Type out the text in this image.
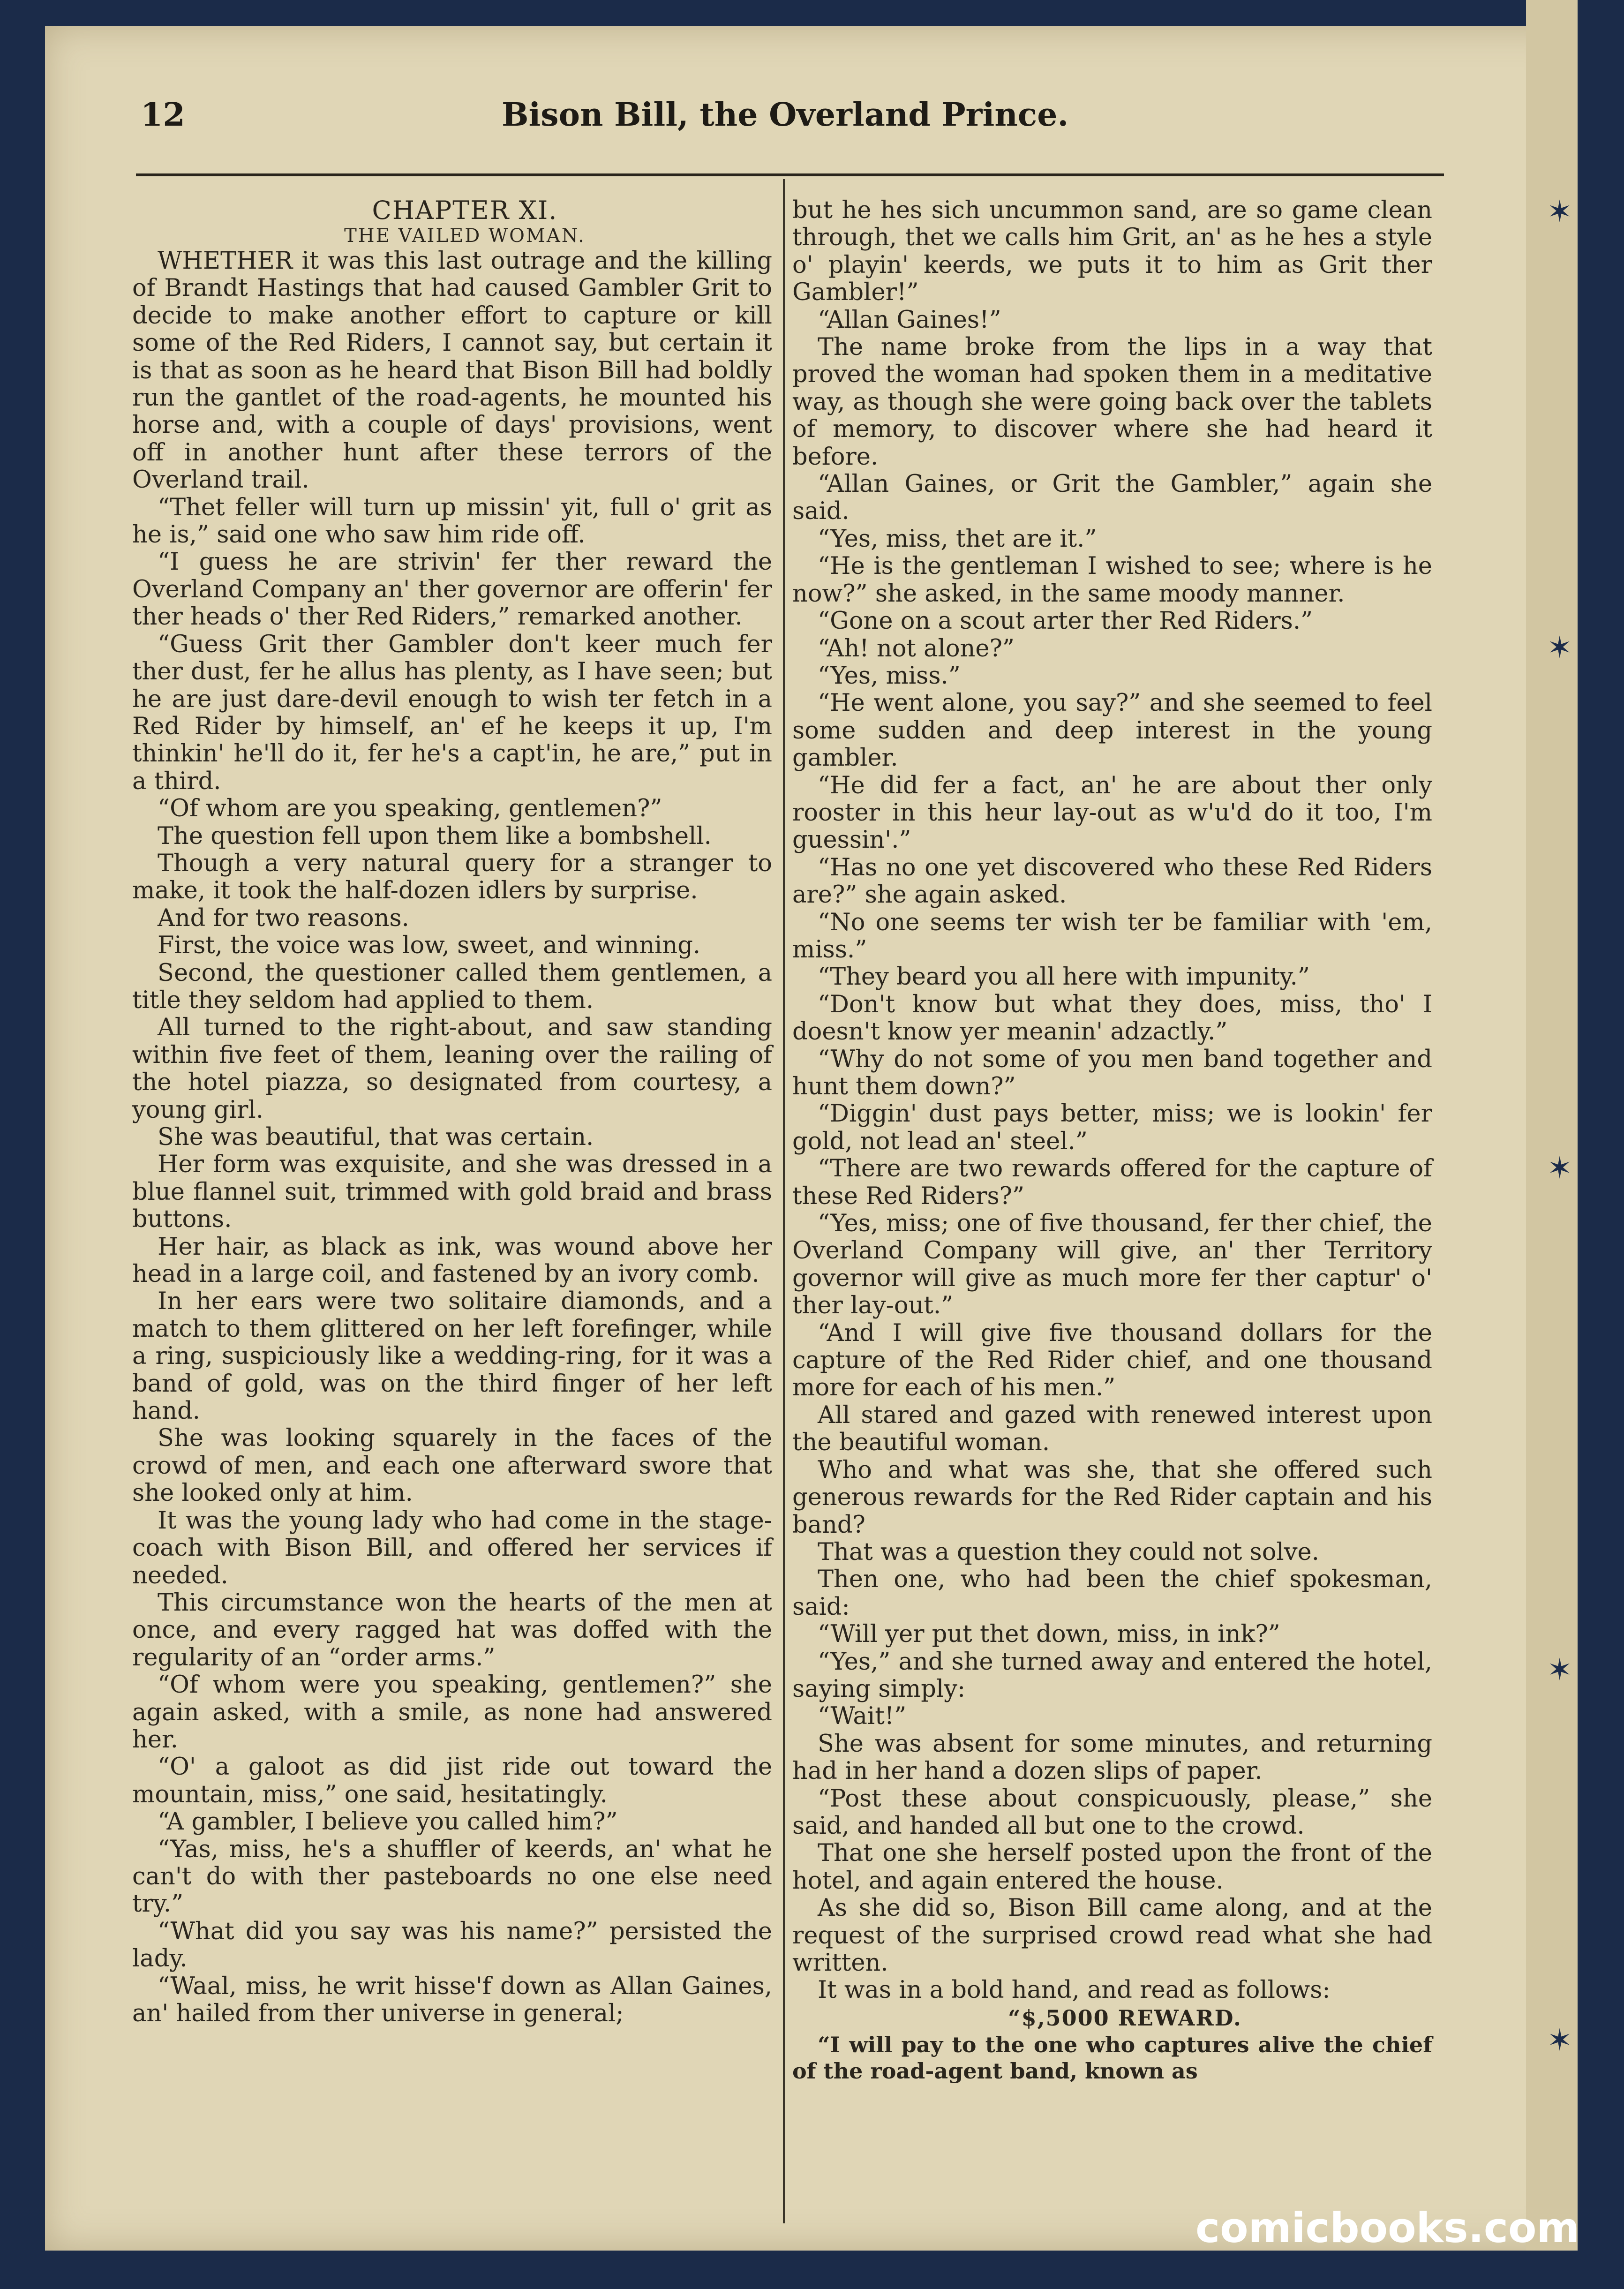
✶
✶
✶
✶
✶
12	Bison Bill, the Overland Prince.

CHAPTER XI.

THE VAILED WOMAN.

WHETHER it was this last outrage and the killing of Brandt Hastings that had caused Gambler Grit to decide to make another effort to capture or kill some of the Red Riders, I cannot say, but certain it is that as soon as he heard that Bison Bill had boldly run the gantlet of the road-agents, he mounted his horse and, with a couple of days' provisions, went off in another hunt after these terrors of the Overland trail.

“Thet feller will turn up missin' yit, full o' grit as he is,” said one who saw him ride off.

“I guess he are strivin' fer ther reward the Overland Company an' ther governor are offerin' fer ther heads o' ther Red Riders,” remarked another.

“Guess Grit ther Gambler don't keer much fer ther dust, fer he allus has plenty, as I have seen; but he are just dare-devil enough to wish ter fetch in a Red Rider by himself, an' ef he keeps it up, I'm thinkin' he'll do it, fer he's a capt'in, he are,” put in a third.

“Of whom are you speaking, gentlemen?”

The question fell upon them like a bombshell.

Though a very natural query for a stranger to make, it took the half-dozen idlers by surprise.

And for two reasons.

First, the voice was low, sweet, and winning.

Second, the questioner called them gentlemen, a title they seldom had applied to them.

All turned to the right-about, and saw standing within five feet of them, leaning over the railing of the hotel piazza, so designated from courtesy, a young girl.

She was beautiful, that was certain.

Her form was exquisite, and she was dressed in a blue flannel suit, trimmed with gold braid and brass buttons.

Her hair, as black as ink, was wound above her head in a large coil, and fastened by an ivory comb.

In her ears were two solitaire diamonds, and a match to them glittered on her left forefinger, while a ring, suspiciously like a wedding-ring, for it was a band of gold, was on the third finger of her left hand.

She was looking squarely in the faces of the crowd of men, and each one afterward swore that she looked only at him.

It was the young lady who had come in the stage-coach with Bison Bill, and offered her services if needed.

This circumstance won the hearts of the men at once, and every ragged hat was doffed with the regularity of an “order arms.”

“Of whom were you speaking, gentlemen?” she again asked, with a smile, as none had answered her.

“O' a galoot as did jist ride out toward the mountain, miss,” one said, hesitatingly.

“A gambler, I believe you called him?”

“Yas, miss, he's a shuffler of keerds, an' what he can't do with ther pasteboards no one else need try.”

“What did you say was his name?” persisted the lady.

“Waal, miss, he writ hisse'f down as Allan Gaines, an' hailed from ther universe in general;

but he hes sich uncummon sand, are so game clean through, thet we calls him Grit, an' as he hes a style o' playin' keerds, we puts it to him as Grit ther Gambler!”

“Allan Gaines!”

The name broke from the lips in a way that proved the woman had spoken them in a meditative way, as though she were going back over the tablets of memory, to discover where she had heard it before.

“Allan Gaines, or Grit the Gambler,” again she said.

“Yes, miss, thet are it.”

“He is the gentleman I wished to see; where is he now?” she asked, in the same moody manner.

“Gone on a scout arter ther Red Riders.”

“Ah! not alone?”

“Yes, miss.”

“He went alone, you say?” and she seemed to feel some sudden and deep interest in the young gambler.

“He did fer a fact, an' he are about ther only rooster in this heur lay-out as w'u'd do it too, I'm guessin'.”

“Has no one yet discovered who these Red Riders are?” she again asked.

“No one seems ter wish ter be familiar with 'em, miss.”

“They beard you all here with impunity.”

“Don't know but what they does, miss, tho' I doesn't know yer meanin' adzactly.”

“Why do not some of you men band together and hunt them down?”

“Diggin' dust pays better, miss; we is lookin' fer gold, not lead an' steel.”

“There are two rewards offered for the capture of these Red Riders?”

“Yes, miss; one of five thousand, fer ther chief, the Overland Company will give, an' ther Territory governor will give as much more fer ther captur' o' ther lay-out.”

“And I will give five thousand dollars for the capture of the Red Rider chief, and one thousand more for each of his men.”

All stared and gazed with renewed interest upon the beautiful woman.

Who and what was she, that she offered such generous rewards for the Red Rider captain and his band?

That was a question they could not solve.

Then one, who had been the chief spokesman, said:

“Will yer put thet down, miss, in ink?”

“Yes,” and she turned away and entered the hotel, saying simply:

“Wait!”

She was absent for some minutes, and returning had in her hand a dozen slips of paper.

“Post these about conspicuously, please,” she said, and handed all but one to the crowd.

That one she herself posted upon the front of the hotel, and again entered the house.

As she did so, Bison Bill came along, and at the request of the surprised crowd read what she had written.

It was in a bold hand, and read as follows:

“$,5000 REWARD.

“I will pay to the one who captures alive the chief of the road-agent band, known as

comicbooks.com
